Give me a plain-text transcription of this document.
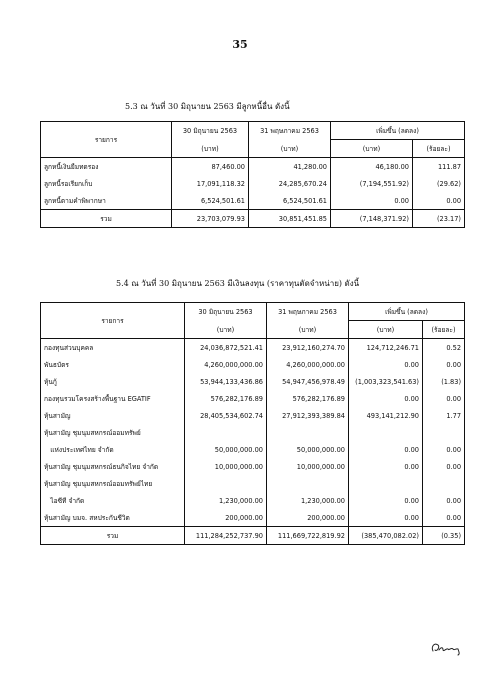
35
5.3 ณ วันที่ 30 มิถุนายน 2563 มีลูกหนี้อื่น ดังนี้
รายการ	30 มิถุนายน 2563	31 พฤษภาคม 2563	เพิ่มขึ้น (ลดลง)	
	(บาท)	(บาท)	(บาท)	(ร้อยละ)
ลูกหนี้เงินยืมทดรอง	87,460.00	41,280.00	46,180.00	111.87
ลูกหนี้รอเรียกเก็บ	17,091,118.32	24,285,670.24	(7,194,551.92)	(29.62)
ลูกหนี้ตามคำพิพากษา	6,524,501.61	6,524,501.61	0.00	0.00
รวม	23,703,079.93	30,851,451.85	(7,148,371.92)	(23.17)
5.4 ณ วันที่ 30 มิถุนายน 2563 มีเงินลงทุน (ราคาทุนตัดจำหน่าย) ดังนี้
รายการ	30 มิถุนายน 2563	31 พฤษภาคม 2563	เพิ่มขึ้น (ลดลง)	
	(บาท)	(บาท)	(บาท)	(ร้อยละ)
กองทุนส่วนบุคคล	24,036,872,521.41	23,912,160,274.70	124,712,246.71	0.52
พันธบัตร	4,260,000,000.00	4,260,000,000.00	0.00	0.00
หุ้นกู้	53,944,133,436.86	54,947,456,978.49	(1,003,323,541.63)	(1.83)
กองทุนรวมโครงสร้างพื้นฐาน EGATIF	576,282,176.89	576,282,176.89	0.00	0.00
หุ้นสามัญ	28,405,534,602.74	27,912,393,389.84	493,141,212.90	1.77
หุ้นสามัญ ชุมนุมสหกรณ์ออมทรัพย์				
แห่งประเทศไทย จำกัด	50,000,000.00	50,000,000.00	0.00	0.00
หุ้นสามัญ ชุมนุมสหกรณ์ธนกิจไทย จำกัด	10,000,000.00	10,000,000.00	0.00	0.00
หุ้นสามัญ ชุมนุมสหกรณ์ออมทรัพย์ไทย				
ไอซีที จำกัด	1,230,000.00	1,230,000.00	0.00	0.00
หุ้นสามัญ บมจ. สหประกันชีวิต	200,000.00	200,000.00	0.00	0.00
รวม	111,284,252,737.90	111,669,722,819.92	(385,470,082.02)	(0.35)
